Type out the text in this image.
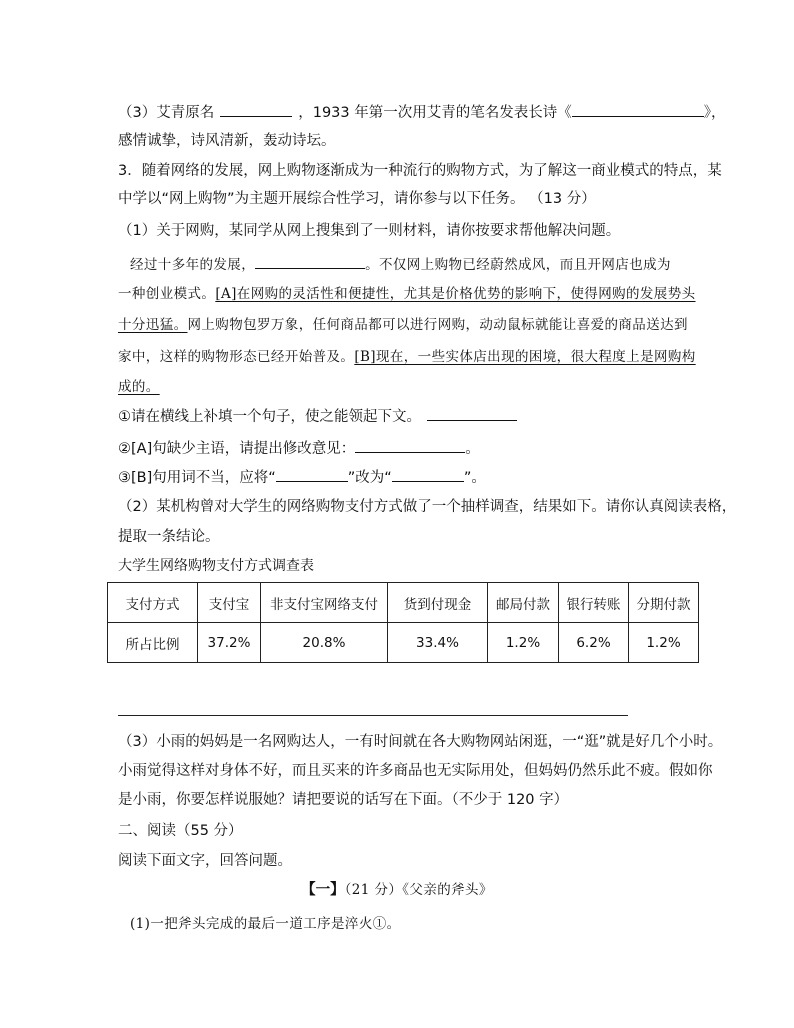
（3）艾青原名	，1933 年第一次用艾青的笔名发表长诗《	》，
感情诚挚，诗风清新，轰动诗坛。
3．随着网络的发展，网上购物逐渐成为一种流行的购物方式，为了解这一商业模式的特点，某
中学以“网上购物”为主题开展综合性学习，请你参与以下任务。 （13 分）
（1）关于网购，某同学从网上搜集到了一则材料，请你按要求帮他解决问题。
经过十多年的发展，	。不仅网上购物已经蔚然成风，而且开网店也成为
一种创业模式。[A]在网购的灵活性和便捷性，尤其是价格优势的影响下，使得网购的发展势头
十分迅猛。网上购物包罗万象，任何商品都可以进行网购，动动鼠标就能让喜爱的商品送达到
家中，这样的购物形态已经开始普及。[B]现在，一些实体店出现的困境，很大程度上是网购构
成的。
①请在横线上补填一个句子，使之能领起下文。
②[A]句缺少主语，请提出修改意见：	。
③[B]句用词不当，应将“	”改为“	”。
（2）某机构曾对大学生的网络购物支付方式做了一个抽样调查，结果如下。请你认真阅读表格，
提取一条结论。
大学生网络购物支付方式调查表
支付方式	支付宝	非支付宝网络支付	货到付现金	邮局付款	银行转账	分期付款
所占比例	37.2%	20.8%	33.4%	1.2%	6.2%	1.2%
（3）小雨的妈妈是一名网购达人，一有时间就在各大购物网站闲逛，一“逛”就是好几个小时。
小雨觉得这样对身体不好，而且买来的许多商品也无实际用处，但妈妈仍然乐此不疲。假如你
是小雨，你要怎样说服她？请把要说的话写在下面。（不少于 120 字）
二、阅读（55 分）
阅读下面文字，回答问题。
【一】（21 分）《父亲的斧头》
(1)一把斧头完成的最后一道工序是淬火①。
